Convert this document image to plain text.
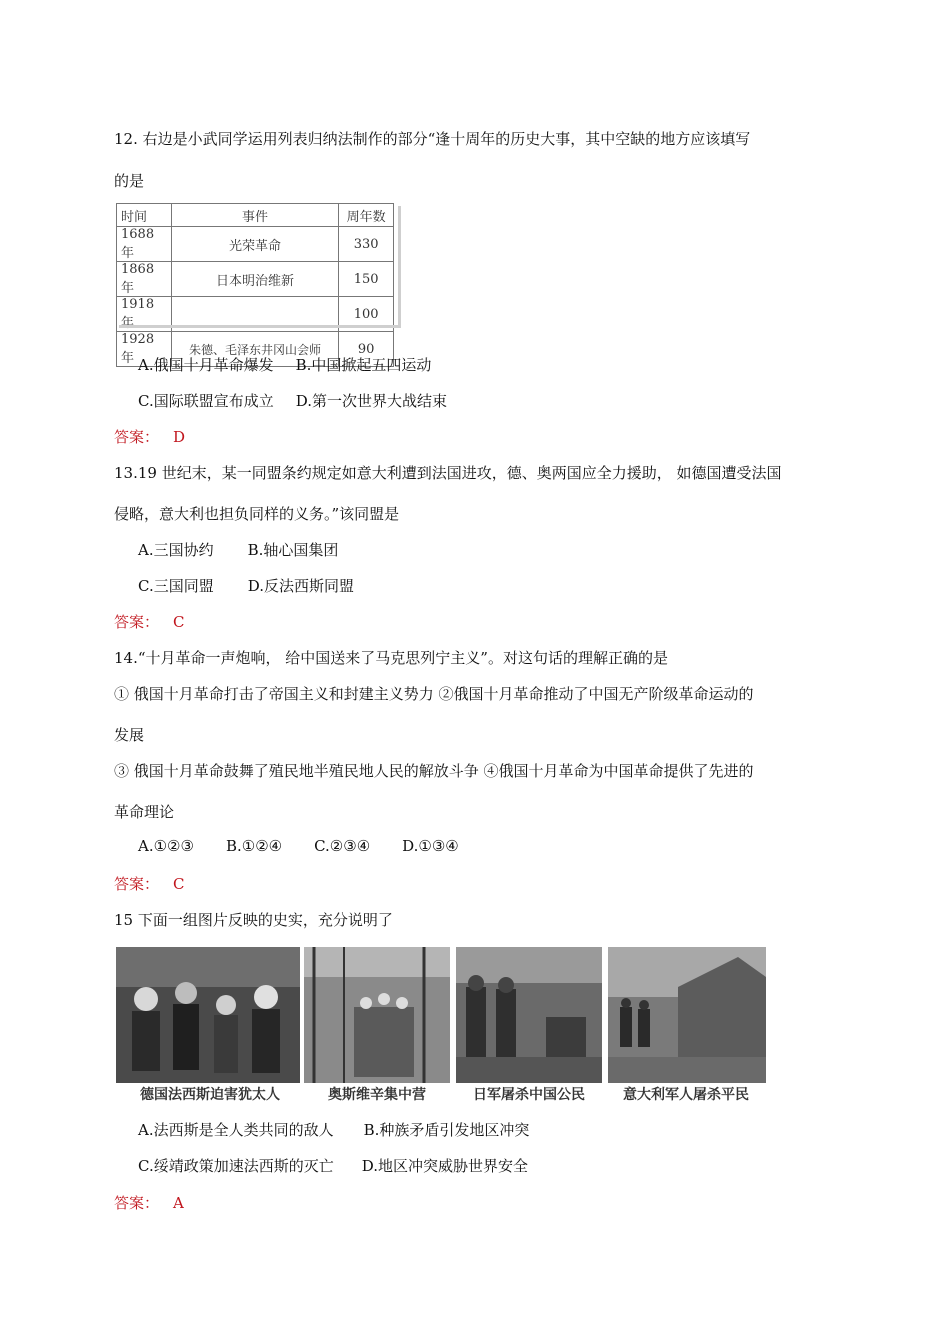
12. 右边是小武同学运用列表归纳法制作的部分“逢十周年的历史大事，其中空缺的地方应该填写
的是
时间	事件	周年数
1688 年	光荣革命	330
1868 年	日本明治维新	150
1918 年		100
1928 年	朱德、毛泽东井冈山会师	90
A.俄国十月革命爆发 B.中国掀起五四运动
C.国际联盟宣布成立 D.第一次世界大战结束
答案： D
13.19 世纪末，某一同盟条约规定如意大利遭到法国进攻，德、奥两国应全力援助， 如德国遭受法国
侵略，意大利也担负同样的义务。”该同盟是
A.三国协约 B.轴心国集团
C.三国同盟 D.反法西斯同盟
答案： C
14.“十月革命一声炮响， 给中国送来了马克思列宁主义”。对这句话的理解正确的是
① 俄国十月革命打击了帝国主义和封建主义势力 ②俄国十月革命推动了中国无产阶级革命运动的
发展
③ 俄国十月革命鼓舞了殖民地半殖民地人民的解放斗争 ④俄国十月革命为中国革命提供了先进的
革命理论
A.①②③ B.①②④ C.②③④ D.①③④
答案： C
15 下面一组图片反映的史实，充分说明了
德国法西斯迫害犹太人	奥斯维辛集中营	日军屠杀中国公民	意大利军人屠杀平民
A.法西斯是全人类共同的敌人 B.种族矛盾引发地区冲突
C.绥靖政策加速法西斯的灭亡 D.地区冲突威胁世界安全
答案： A
